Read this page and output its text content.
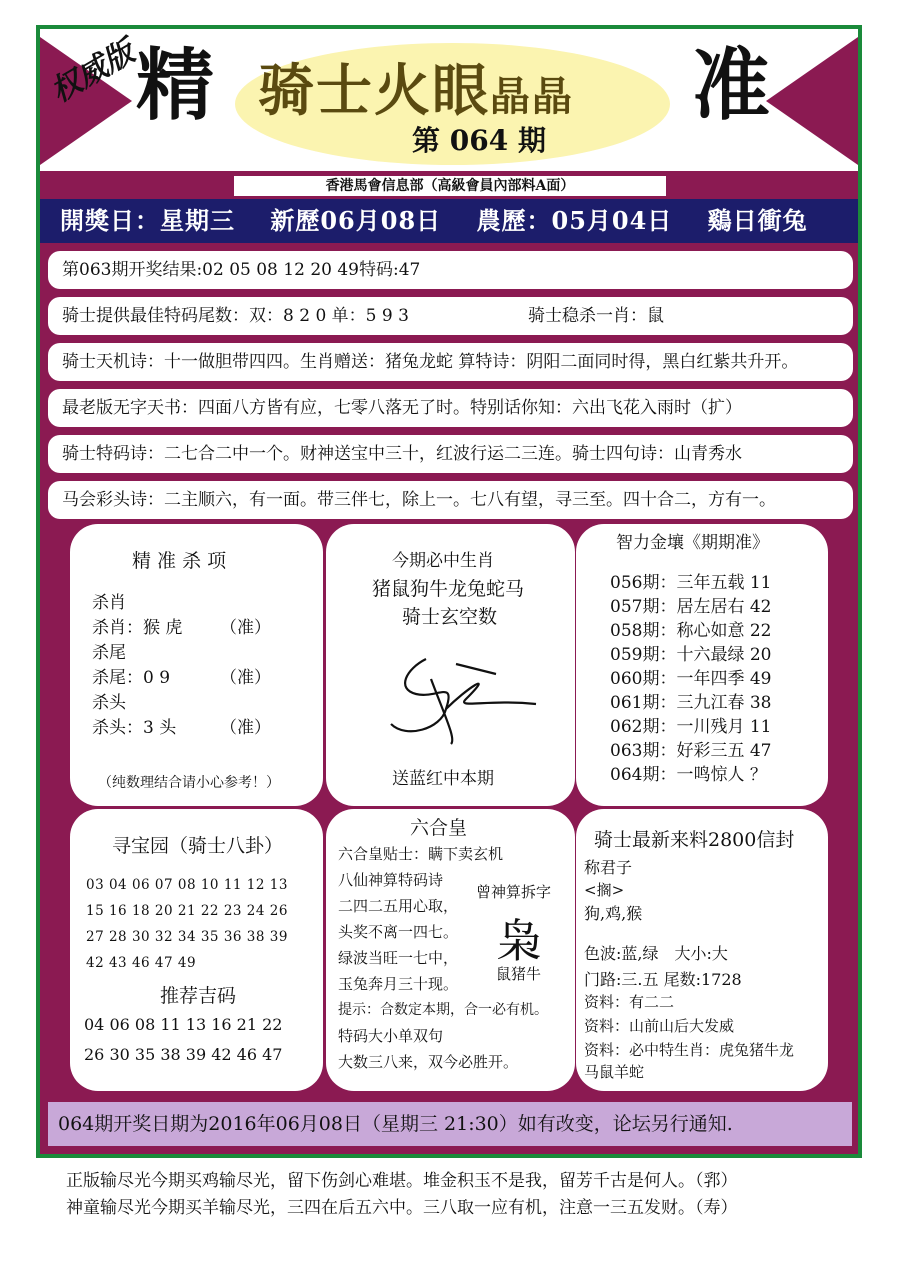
权威版
精 骑士火眼晶晶
第 064 期
准
香港馬會信息部（高級會員內部料A面）
開獎日：星期三 新歷06月08日 農歷：05月04日 鷄日衝兔
第063期开奖结果:02 05 08 12 20 49特码:47
骑士提供最佳特码尾数：双：8 2 0 单：5 9 3	骑士稳杀一肖：鼠
骑士天机诗：十一做胆带四四。生肖赠送：猪兔龙蛇 算特诗：阴阳二面同时得，黑白红紫共升开。
最老版无字天书：四面八方皆有应，七零八落无了时。特别话你知：六出飞花入雨时（扩）
骑士特码诗：二七合二中一个。财神送宝中三十，红波行运二三连。骑士四句诗：山青秀水
马会彩头诗：二主顺六，有一面。带三伴七，除上一。七八有望，寻三至。四十合二，方有一。
精 准 杀 项
杀肖
杀肖：猴 虎 （准）
杀尾
杀尾：0 9	（准）
杀头
杀头：3 头	（准）
（纯数理结合请小心参考！）
今期必中生肖
猪鼠狗牛龙兔蛇马
骑士玄空数
送蓝红中本期
智力金壤《期期准》
056期：三年五载 11
057期：居左居右 42
058期：称心如意 22
059期：十六最绿 20
060期：一年四季 49
061期：三九江春 38
062期：一川残月 11
063期：好彩三五 47
064期：一鸣惊人 ？
寻宝园（骑士八卦）
03 04 06 07 08 10 11 12 13
15 16 18 20 21 22 23 24 26
27 28 30 32 34 35 36 38 39
42 43 46 47 49
推荐吉码
04 06 08 11 13 16 21 22
26 30 35 38 39 42 46 47
六合皇
六合皇贴士：瞒下卖玄机
八仙神算特码诗
二四二五用心取，
头奖不离一四七。
绿波当旺一七中，
玉兔奔月三十现。
提示：合数定本期，合一必有机。
特码大小单双句
大数三八来，双今必胜开。
曾神算拆字
枭
鼠猪牛
骑士最新来料2800信封
称君子
<搁>
狗,鸡,猴
色波:蓝,绿　大小:大
门路:三.五 尾数:1728
资料：有二二
资料：山前山后大发威
资料：必中特生肖：虎兔猪牛龙
马鼠羊蛇
064期开奖日期为2016年06月08日（星期三 21:30）如有改变，论坛另行通知.
正版输尽光今期买鸡输尽光，留下伤剑心难堪。堆金积玉不是我，留芳千古是何人。（郛）
神童输尽光今期买羊输尽光，三四在后五六中。三八取一应有机，注意一三五发财。（寿）
